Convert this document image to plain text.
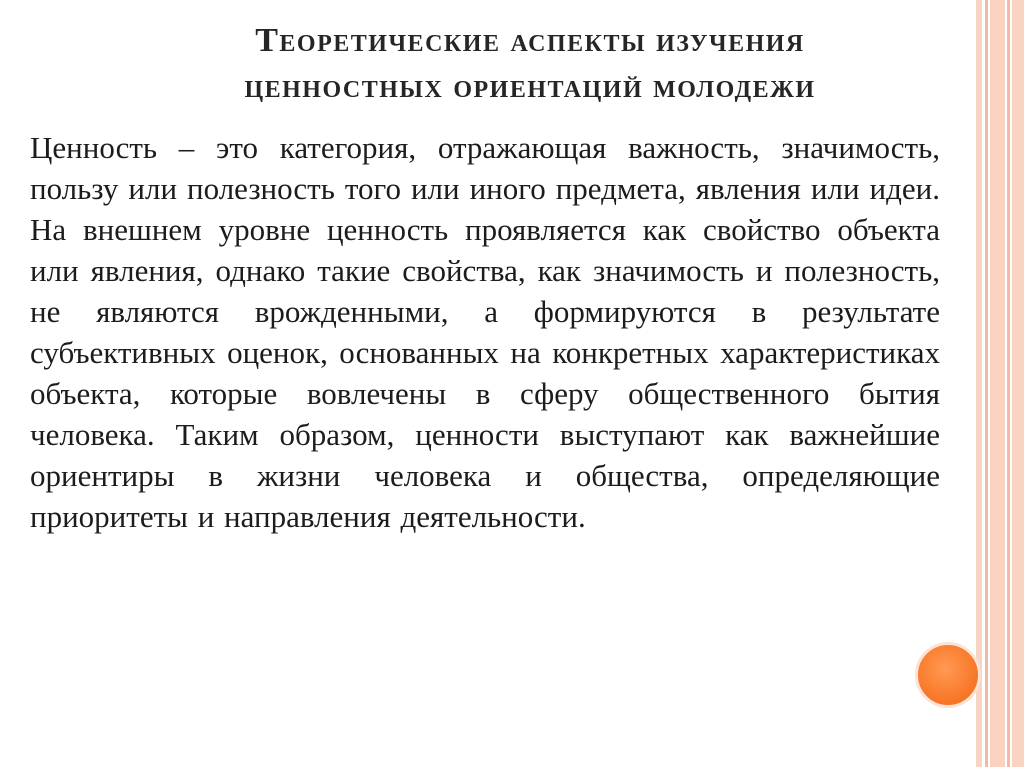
Теоретические аспекты изучения
ценностных ориентаций молодежи

Ценность – это категория, отражающая важность, значимость, пользу или полезность того или иного предмета, явления или идеи. На внешнем уровне ценность проявляется как свойство объекта или явления, однако такие свойства, как значимость и полезность, не являются врожденными, а формируются в результате субъективных оценок, основанных на конкретных характеристиках объекта, которые вовлечены в сферу общественного бытия человека. Таким образом, ценности выступают как важнейшие ориентиры в жизни человека и общества, определяющие приоритеты и направления деятельности.
